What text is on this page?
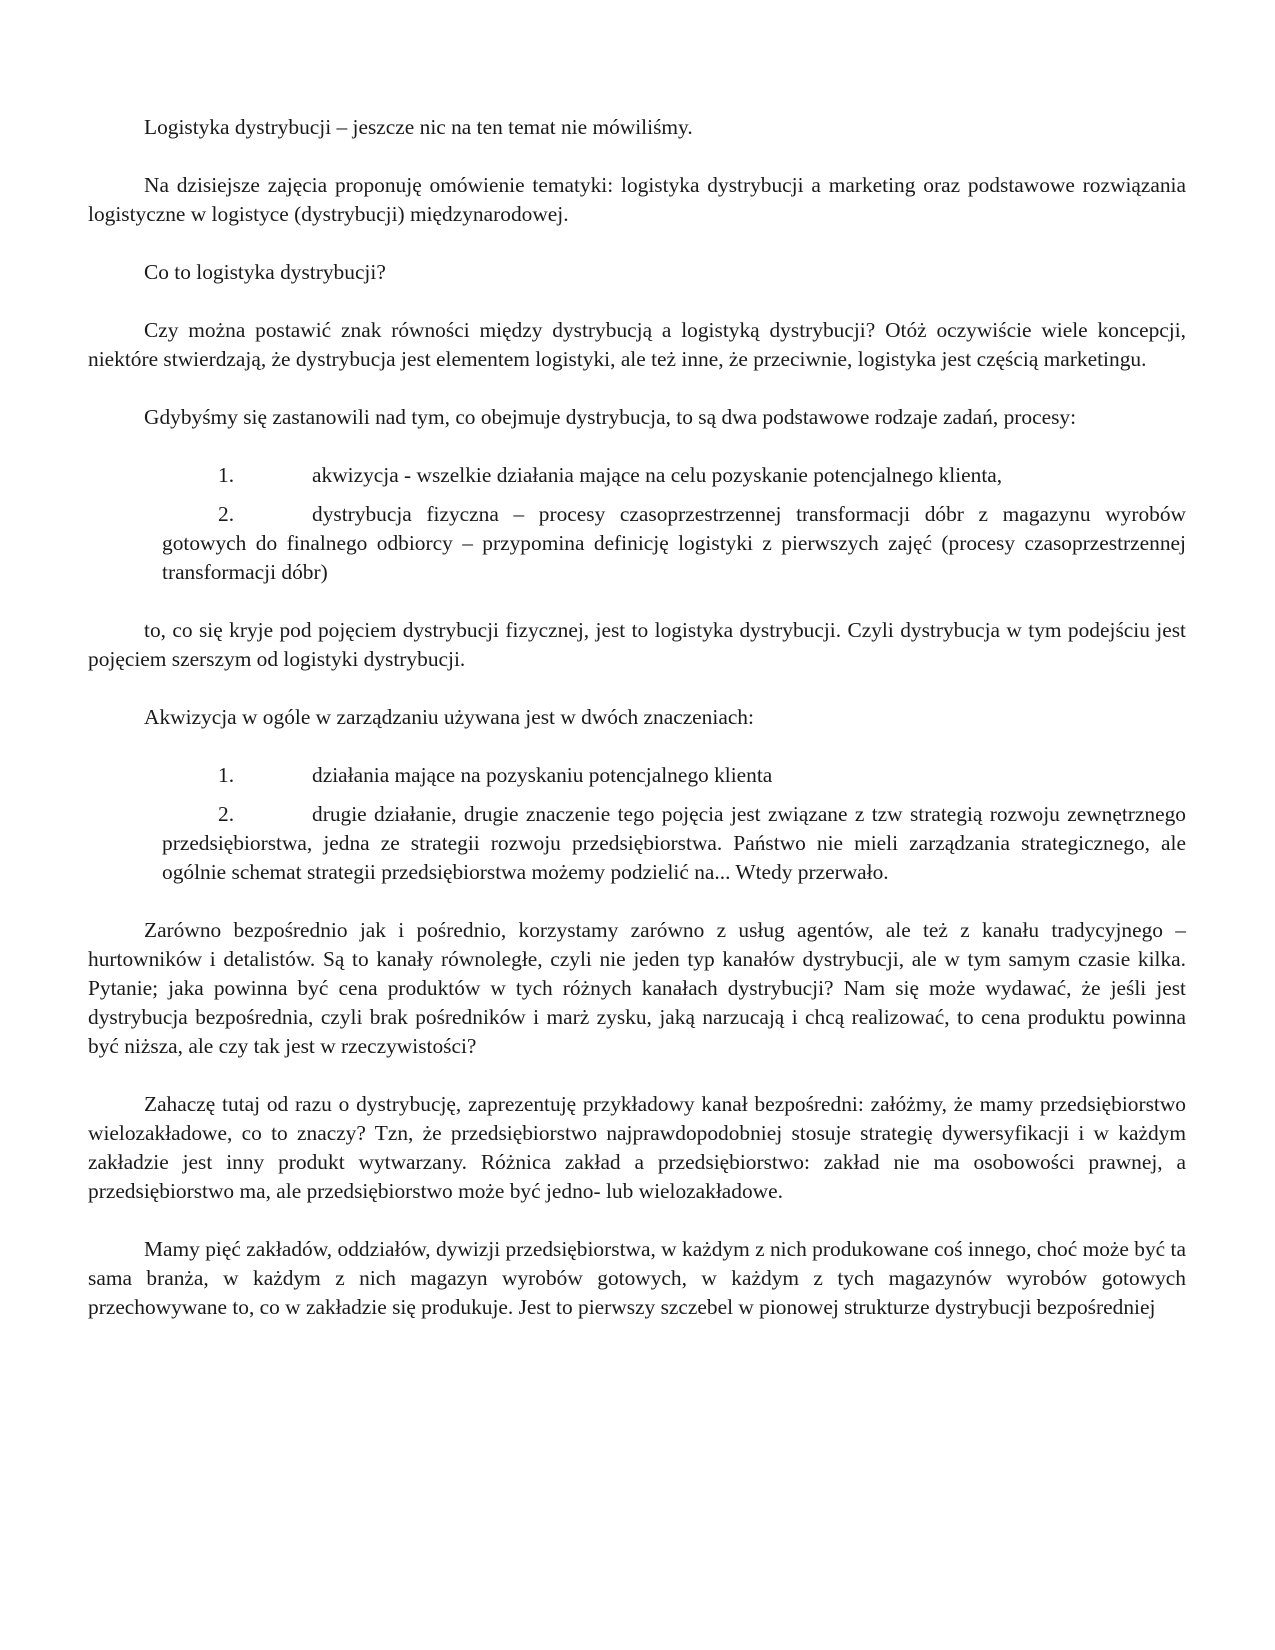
Logistyka dystrybucji – jeszcze nic na ten temat nie mówiliśmy.

Na dzisiejsze zajęcia proponuję omówienie tematyki: logistyka dystrybucji a marketing oraz podstawowe rozwiązania logistyczne w logistyce (dystrybucji) międzynarodowej.

Co to logistyka dystrybucji?

Czy można postawić znak równości między dystrybucją a logistyką dystrybucji? Otóż oczywiście wiele koncepcji, niektóre stwierdzają, że dystrybucja jest elementem logistyki, ale też inne, że przeciwnie, logistyka jest częścią marketingu.

Gdybyśmy się zastanowili nad tym, co obejmuje dystrybucja, to są dwa podstawowe rodzaje zadań, procesy:

1.	akwizycja - wszelkie działania mające na celu pozyskanie potencjalnego klienta,
2.	dystrybucja fizyczna – procesy czasoprzestrzennej transformacji dóbr z magazynu wyrobów gotowych do finalnego odbiorcy – przypomina definicję logistyki z pierwszych zajęć (procesy czasoprzestrzennej transformacji dóbr)

to, co się kryje pod pojęciem dystrybucji fizycznej, jest to logistyka dystrybucji. Czyli dystrybucja w tym podejściu jest pojęciem szerszym od logistyki dystrybucji.

Akwizycja w ogóle w zarządzaniu używana jest w dwóch znaczeniach:

1.	działania mające na pozyskaniu potencjalnego klienta
2.	drugie działanie, drugie znaczenie tego pojęcia jest związane z tzw strategią rozwoju zewnętrznego przedsiębiorstwa, jedna ze strategii rozwoju przedsiębiorstwa. Państwo nie mieli zarządzania strategicznego, ale ogólnie schemat strategii przedsiębiorstwa możemy podzielić na... Wtedy przerwało.

Zarówno bezpośrednio jak i pośrednio, korzystamy zarówno z usług agentów, ale też z kanału tradycyjnego – hurtowników i detalistów. Są to kanały równoległe, czyli nie jeden typ kanałów dystrybucji, ale w tym samym czasie kilka. Pytanie; jaka powinna być cena produktów w tych różnych kanałach dystrybucji? Nam się może wydawać, że jeśli jest dystrybucja bezpośrednia, czyli brak pośredników i marż zysku, jaką narzucają i chcą realizować, to cena produktu powinna być niższa, ale czy tak jest w rzeczywistości?

Zahaczę tutaj od razu o dystrybucję, zaprezentuję przykładowy kanał bezpośredni: załóżmy, że mamy przedsiębiorstwo wielozakładowe, co to znaczy? Tzn, że przedsiębiorstwo najprawdopodobniej stosuje strategię dywersyfikacji i w każdym zakładzie jest inny produkt wytwarzany. Różnica zakład a przedsiębiorstwo: zakład nie ma osobowości prawnej, a przedsiębiorstwo ma, ale przedsiębiorstwo może być jedno- lub wielozakładowe.

Mamy pięć zakładów, oddziałów, dywizji przedsiębiorstwa, w każdym z nich produkowane coś innego, choć może być ta sama branża, w każdym z nich magazyn wyrobów gotowych, w każdym z tych magazynów wyrobów gotowych przechowywane to, co w zakładzie się produkuje. Jest to pierwszy szczebel w pionowej strukturze dystrybucji bezpośredniej
